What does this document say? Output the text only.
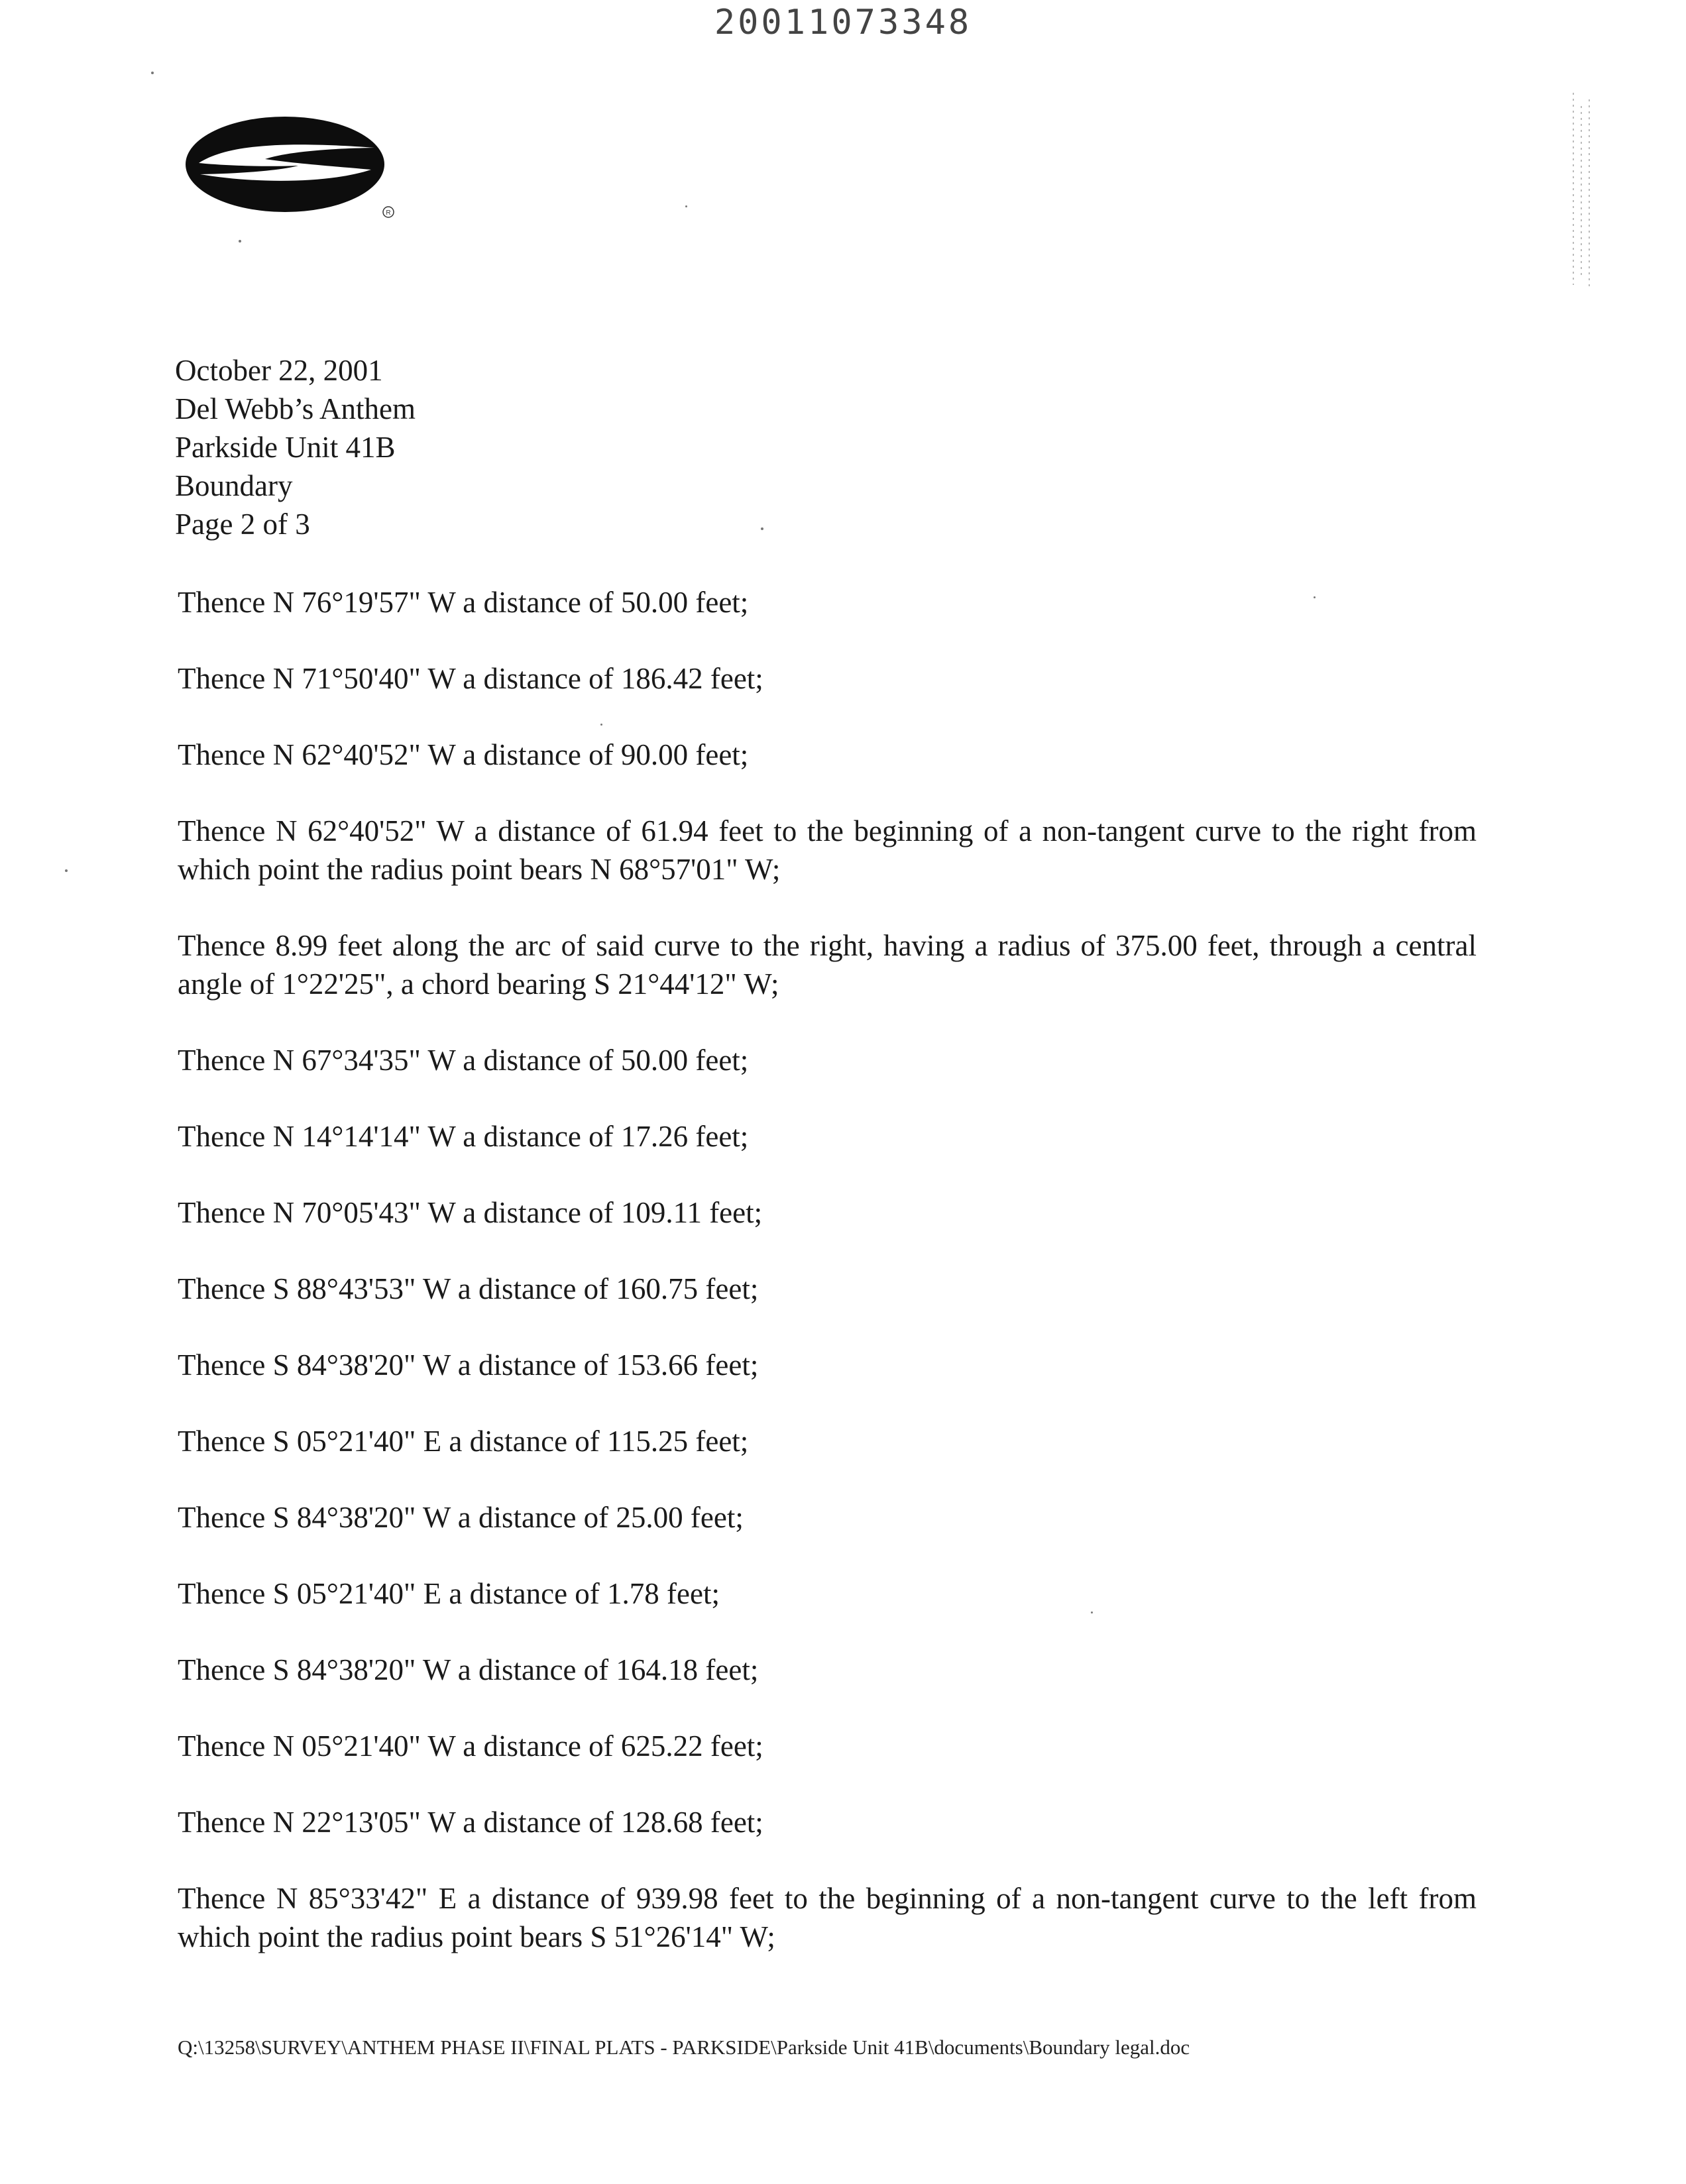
20011073348
R
October 22, 2001
Del Webb’s Anthem
Parkside Unit 41B
Boundary
Page 2 of 3

Thence N 76°19'57" W a distance of 50.00 feet;

Thence N 71°50'40" W a distance of 186.42 feet;

Thence N 62°40'52" W a distance of 90.00 feet;

Thence N 62°40'52" W a distance of 61.94 feet to the beginning of a non-tangent curve to the right from which point the radius point bears N 68°57'01" W;

Thence 8.99 feet along the arc of said curve to the right, having a radius of 375.00 feet, through a central angle of 1°22'25", a chord bearing S 21°44'12" W;

Thence N 67°34'35" W a distance of 50.00 feet;

Thence N 14°14'14" W a distance of 17.26 feet;

Thence N 70°05'43" W a distance of 109.11 feet;

Thence S 88°43'53" W a distance of 160.75 feet;

Thence S 84°38'20" W a distance of 153.66 feet;

Thence S 05°21'40" E a distance of 115.25 feet;

Thence S 84°38'20" W a distance of 25.00 feet;

Thence S 05°21'40" E a distance of 1.78 feet;

Thence S 84°38'20" W a distance of 164.18 feet;

Thence N 05°21'40" W a distance of 625.22 feet;

Thence N 22°13'05" W a distance of 128.68 feet;

Thence N 85°33'42" E a distance of 939.98 feet to the beginning of a non-tangent curve to the left from which point the radius point bears S 51°26'14" W;

Q:\13258\SURVEY\ANTHEM PHASE II\FINAL PLATS - PARKSIDE\Parkside Unit 41B\documents\Boundary legal.doc
